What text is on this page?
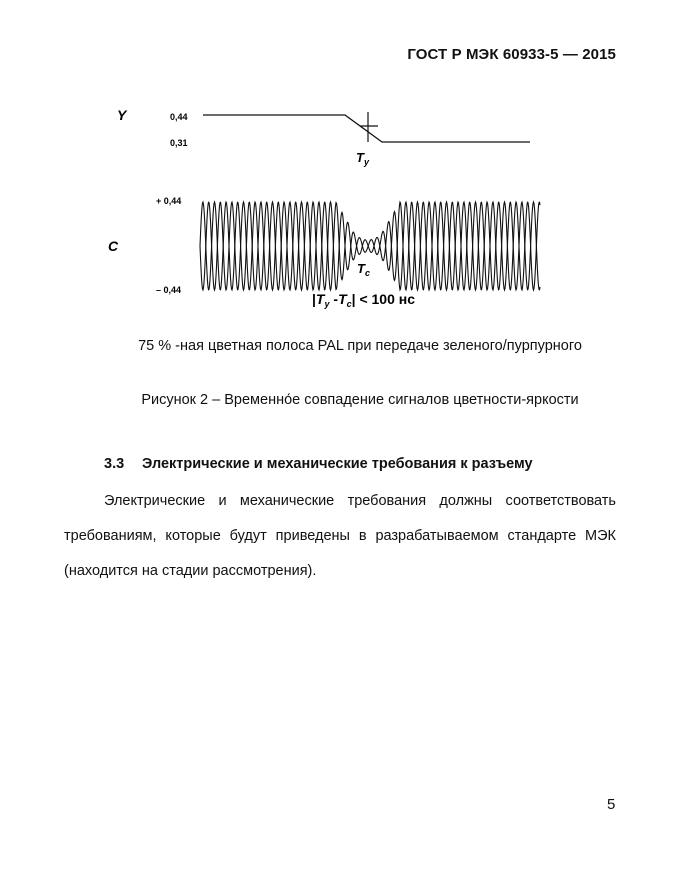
ГОСТ Р МЭК 60933-5 — 2015
Y	0,44
0,31
$T_y$
C
+ 0,44
– 0,44
$T_c$
$|T_y$ $-T_c| < 100$ нс
75 % -ная цветная полоса PAL при передаче зеленого/пурпурного
Рисунок 2 – Временно́е совпадение сигналов цветности-яркости
3.3 Электрические и механические требования к разъему

Электрические и механические требования должны соответствовать требованиям, которые будут приведены в разрабатываемом стандарте МЭК (находится на стадии рассмотрения).

5
